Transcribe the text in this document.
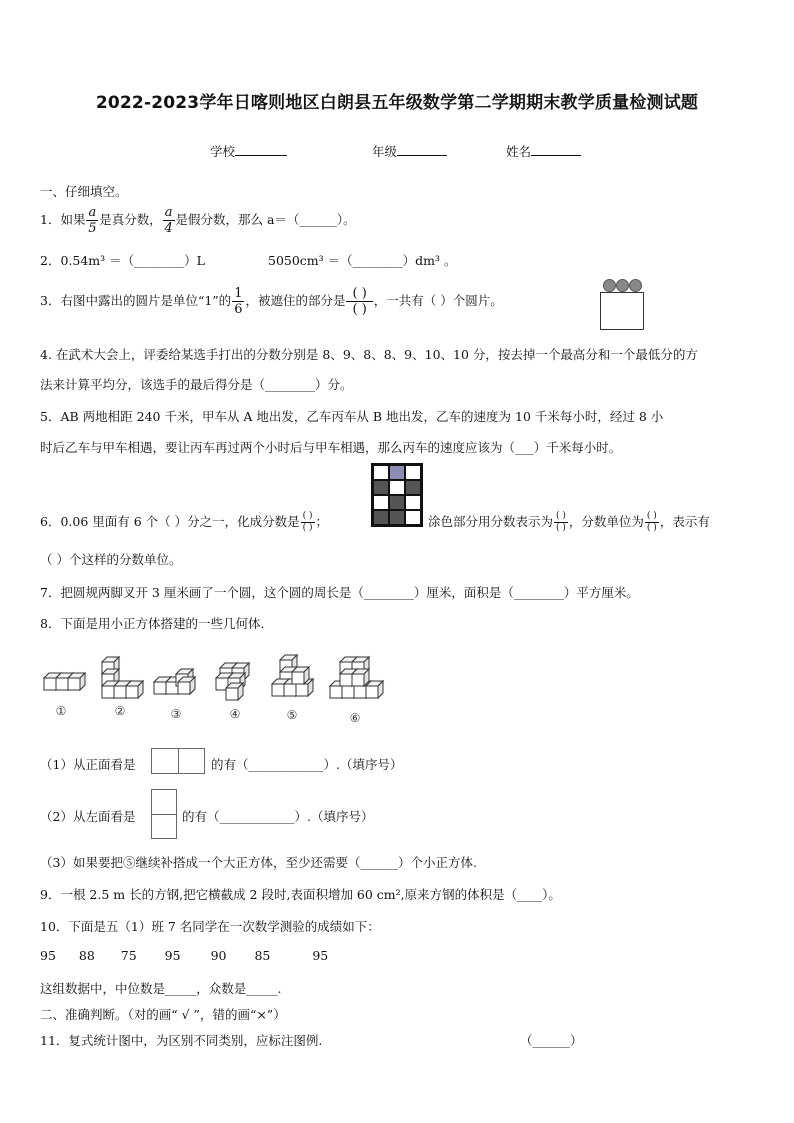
2022-2023学年日喀则地区白朗县五年级数学第二学期期末教学质量检测试题
学校	年级	姓名
一、仔细填空。
1．如果 $\frac{a}{5}$ 是真分数， $\frac{a}{4}$ 是假分数，那么 a＝（______）。
2．0.54m³ ＝（________）L	5050cm³ ＝（________）dm³ 。
3．右图中露出的圆片是单位“1”的 $\frac{1}{6}$ ，被遮住的部分是 $\frac{( )}{( )}$ ，一共有（ ）个圆片。
4. 在武术大会上，评委给某选手打出的分数分别是 8、9、8、8、9、10、10 分，按去掉一个最高分和一个最低分的方
法来计算平均分，该选手的最后得分是（________）分。
5．AB 两地相距 240 千米，甲车从 A 地出发，乙车丙车从 B 地出发，乙车的速度为 10 千米每小时，经过 8 小
时后乙车与甲车相遇，要让丙车再过两个小时后与甲车相遇，那么丙车的速度应该为（___）千米每小时。
6．0.06 里面有 6 个（ ）分之一，化成分数是 $\frac{( )}{( )}$ ；	涂色部分用分数表示为 $\frac{( )}{( )}$ ，分数单位为 $\frac{( )}{( )}$ ，表示有
（ ）个这样的分数单位。
7．把圆规两脚叉开 3 厘米画了一个圆，这个圆的周长是（________）厘米，面积是（________）平方厘米。
8．下面是用小正方体搭建的一些几何体.
①	②	③	④	⑤	⑥
（1）从正面看是	的有（____________）.（填序号）
（2）从左面看是	的有（____________）.（填序号）
（3）如果要把⑤继续补搭成一个大正方体，至少还需要（______）个小正方体.
9．一根 2.5 m 长的方钢,把它横截成 2 段时,表面积增加 60 cm²,原来方钢的体积是（____）。
10．下面是五（1）班 7 名同学在一次数学测验的成绩如下：
95 88 75 95 90 85	95
这组数据中，中位数是_____，众数是_____.
二、准确判断。（对的画“ √ ”，错的画“×”）
11．复式统计图中，为区别不同类别，应标注图例.	（______）
